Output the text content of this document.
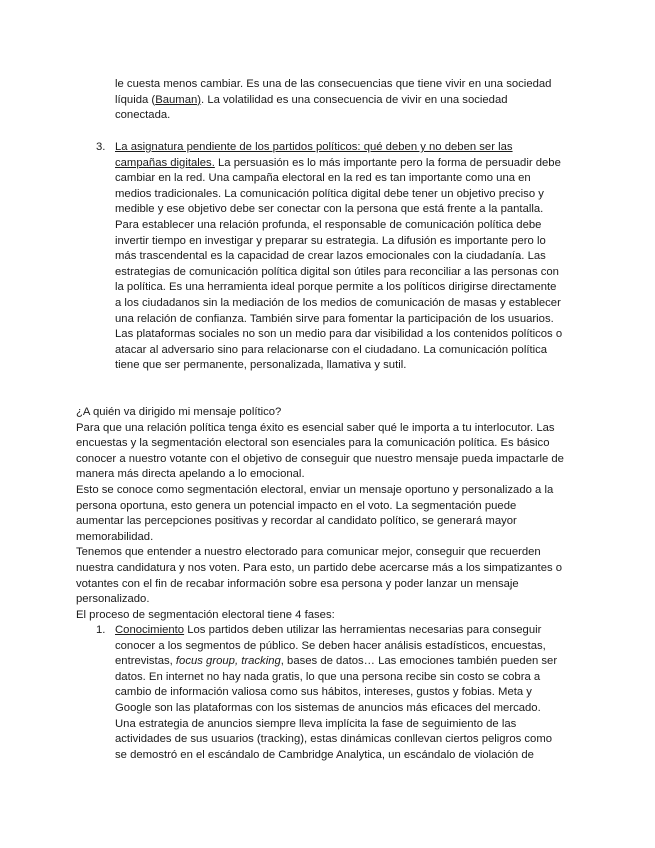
le cuesta menos cambiar. Es una de las consecuencias que tiene vivir en una sociedad líquida (Bauman). La volatilidad es una consecuencia de vivir en una sociedad conectada.

3. La asignatura pendiente de los partidos políticos: qué deben y no deben ser las campañas digitales. La persuasión es lo más importante pero la forma de persuadir debe cambiar en la red. Una campaña electoral en la red es tan importante como una en medios tradicionales. La comunicación política digital debe tener un objetivo preciso y medible y ese objetivo debe ser conectar con la persona que está frente a la pantalla. Para establecer una relación profunda, el responsable de comunicación política debe invertir tiempo en investigar y preparar su estrategia. La difusión es importante pero lo más trascendental es la capacidad de crear lazos emocionales con la ciudadanía. Las estrategias de comunicación política digital son útiles para reconciliar a las personas con la política. Es una herramienta ideal porque permite a los políticos dirigirse directamente a los ciudadanos sin la mediación de los medios de comunicación de masas y establecer una relación de confianza. También sirve para fomentar la participación de los usuarios. Las plataformas sociales no son un medio para dar visibilidad a los contenidos políticos o atacar al adversario sino para relacionarse con el ciudadano. La comunicación política tiene que ser permanente, personalizada, llamativa y sutil.

¿A quién va dirigido mi mensaje político?

Para que una relación política tenga éxito es esencial saber qué le importa a tu interlocutor. Las encuestas y la segmentación electoral son esenciales para la comunicación política. Es básico conocer a nuestro votante con el objetivo de conseguir que nuestro mensaje pueda impactarle de manera más directa apelando a lo emocional.

Esto se conoce como segmentación electoral, enviar un mensaje oportuno y personalizado a la persona oportuna, esto genera un potencial impacto en el voto. La segmentación puede aumentar las percepciones positivas y recordar al candidato político, se generará mayor memorabilidad.

Tenemos que entender a nuestro electorado para comunicar mejor, conseguir que recuerden nuestra candidatura y nos voten. Para esto, un partido debe acercarse más a los simpatizantes o votantes con el fin de recabar información sobre esa persona y poder lanzar un mensaje personalizado.

El proceso de segmentación electoral tiene 4 fases:

1. Conocimiento Los partidos deben utilizar las herramientas necesarias para conseguir conocer a los segmentos de público. Se deben hacer análisis estadísticos, encuestas, entrevistas, focus group, tracking, bases de datos… Las emociones también pueden ser datos. En internet no hay nada gratis, lo que una persona recibe sin costo se cobra a cambio de información valiosa como sus hábitos, intereses, gustos y fobias. Meta y Google son las plataformas con los sistemas de anuncios más eficaces del mercado. Una estrategia de anuncios siempre lleva implícita la fase de seguimiento de las actividades de sus usuarios (tracking), estas dinámicas conllevan ciertos peligros como se demostró en el escándalo de Cambridge Analytica, un escándalo de violación de
